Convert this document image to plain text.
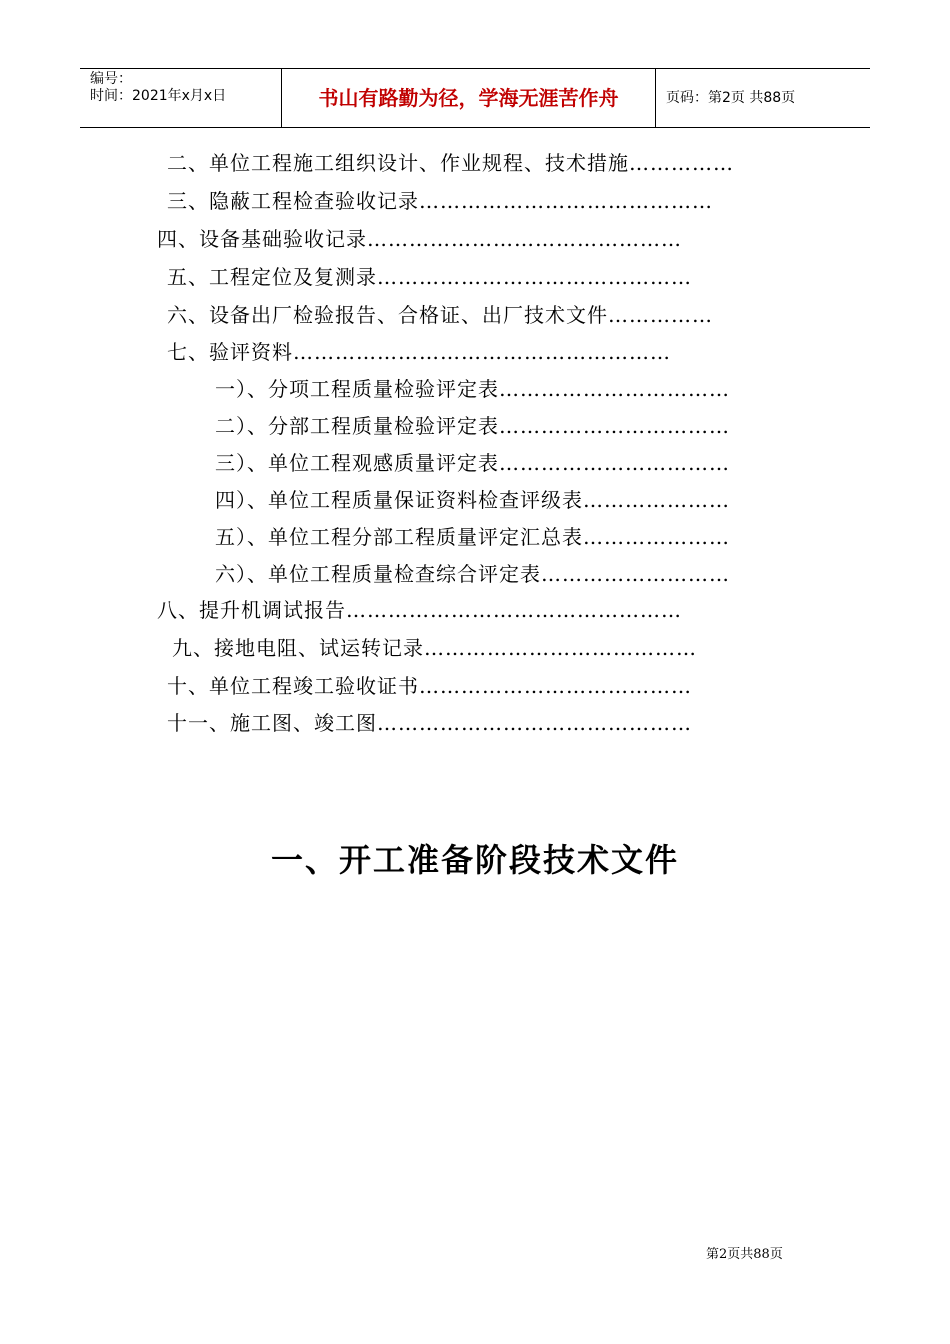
编号：
时间：2021年x月x日	书山有路勤为径，学海无涯苦作舟	页码：第2页 共88页
二、单位工程施工组织设计、作业规程、技术措施……………
三、隐蔽工程检查验收记录……………………………………
四、设备基础验收记录………………………………………
五、工程定位及复测录………………………………………
六、设备出厂检验报告、合格证、出厂技术文件……………
七、验评资料………………………………………………
一）、分项工程质量检验评定表……………………………
二）、分部工程质量检验评定表……………………………
三）、单位工程观感质量评定表……………………………
四）、单位工程质量保证资料检查评级表…………………
五）、单位工程分部工程质量评定汇总表…………………
六）、单位工程质量检查综合评定表………………………
八、提升机调试报告…………………………………………
九、接地电阻、试运转记录…………………………………
十、单位工程竣工验收证书…………………………………
十一、施工图、竣工图………………………………………
一、开工准备阶段技术文件
第2页共88页
